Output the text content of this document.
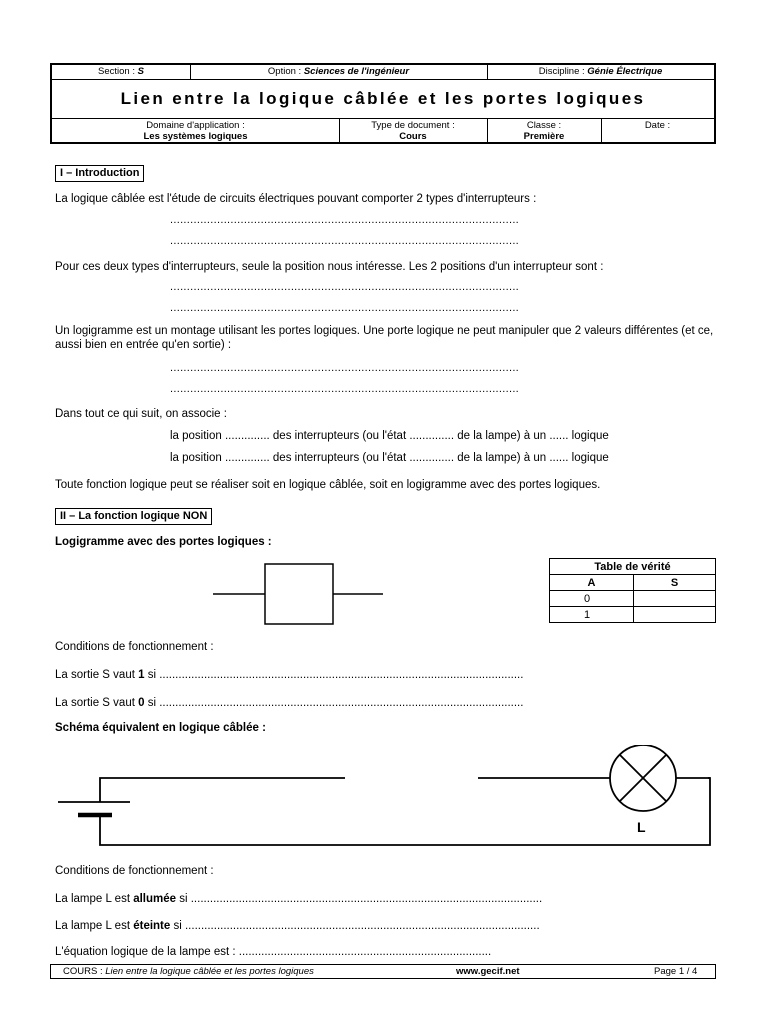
Section : S	Option : Sciences de l'ingénieur	Discipline : Génie Électrique
Lien entre la logique câblée et les portes logiques
Domaine d'application :
Les systèmes logiques
Type de document :
Cours
Classe :
Première
Date :
I – Introduction
La logique câblée est l'étude de circuits électriques pouvant comporter 2 types d'interrupteurs :
........................................................................................................
........................................................................................................
Pour ces deux types d'interrupteurs, seule la position nous intéresse. Les 2 positions d'un interrupteur sont :
........................................................................................................
........................................................................................................
Un logigramme est un montage utilisant les portes logiques. Une porte logique ne peut manipuler que 2 valeurs différentes (et ce, aussi bien en entrée qu'en sortie) :
........................................................................................................
........................................................................................................
Dans tout ce qui suit, on associe :
la position .............. des interrupteurs (ou l'état .............. de la lampe) à un ...... logique
la position .............. des interrupteurs (ou l'état .............. de la lampe) à un ...... logique
Toute fonction logique peut se réaliser soit en logique câblée, soit en logigramme avec des portes logiques.
II – La fonction logique NON
Logigramme avec des portes logiques :
Table de vérité	
A	S
0	
1	
Conditions de fonctionnement :
La sortie S vaut 1 si ..................................................................................................................
La sortie S vaut 0 si ..................................................................................................................
Schéma équivalent en logique câblée :
L
Conditions de fonctionnement :
La lampe L est allumée si ..............................................................................................................
La lampe L est éteinte si ...............................................................................................................
L'équation logique de la lampe est : ...............................................................................
COURS : Lien entre la logique câblée et les portes logiques	www.gecif.net	Page 1 / 4
